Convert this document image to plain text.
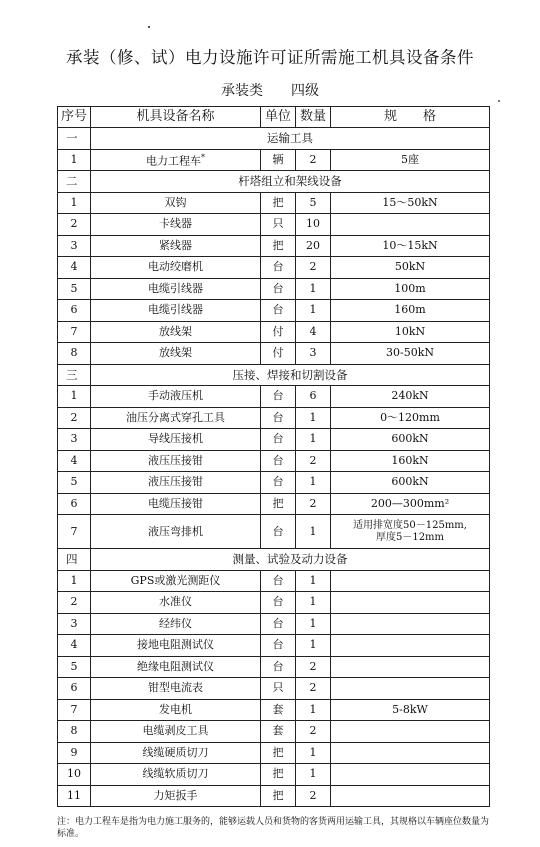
承装（修、试）电力设施许可证所需施工机具设备条件
承装类 四级
序号	机具设备名称	单位	数量	规　　格
一	运输工具			
1	电力工程车*	辆	2	5座
二	杆塔组立和架线设备			
1	双钩	把	5	15～50kN
2	卡线器	只	10	
3	紧线器	把	20	10～15kN
4	电动绞磨机	台	2	50kN
5	电缆引线器	台	1	100m
6	电缆引线器	台	1	160m
7	放线架	付	4	10kN
8	放线架	付	3	30-50kN
三	压接、焊接和切割设备			
1	手动液压机	台	6	240kN
2	油压分离式穿孔工具	台	1	0～120mm
3	导线压接机	台	1	600kN
4	液压压接钳	台	2	160kN
5	液压压接钳	台	1	600kN
6	电缆压接钳	把	2	200—300mm²
7	液压弯排机	台	1	适用排宽度50－125mm,
厚度5－12mm

四	测量、试验及动力设备			
1	GPS或激光测距仪	台	1	
2	水准仪	台	1	
3	经纬仪	台	1	
4	接地电阻测试仪	台	1	
5	绝缘电阻测试仪	台	2	
6	钳型电流表	只	2	
7	发电机	套	1	5-8kW
8	电缆剥皮工具	套	2	
9	线缆硬质切刀	把	1	
10	线缆软质切刀	把	1	
11	力矩扳手	把	2	
注：电力工程车是指为电力施工服务的，能够运载人员和货物的客货两用运输工具，其规格以车辆座位数量为标准。
